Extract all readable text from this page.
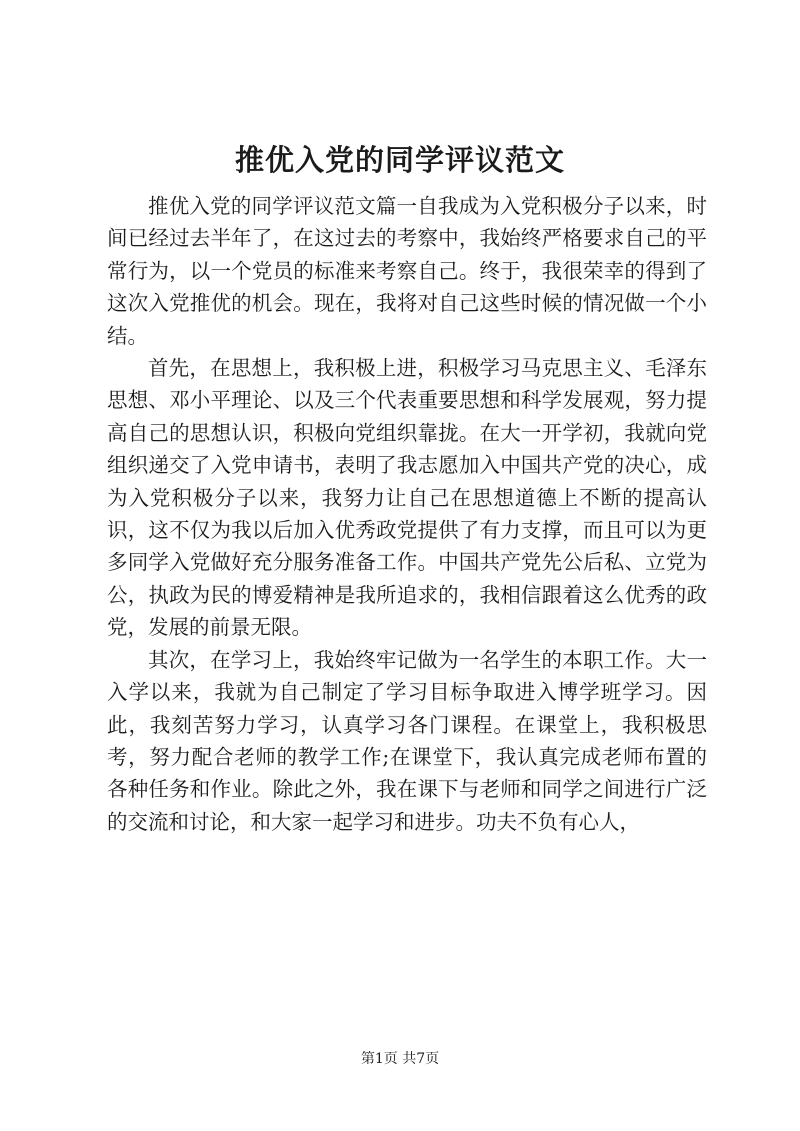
推优入党的同学评议范文

推优入党的同学评议范文篇一自我成为入党积极分子以来，时间已经过去半年了，在这过去的考察中，我始终严格要求自己的平常行为，以一个党员的标准来考察自己。终于，我很荣幸的得到了这次入党推优的机会。现在，我将对自己这些时候的情况做一个小结。

首先，在思想上，我积极上进，积极学习马克思主义、毛泽东思想、邓小平理论、以及三个代表重要思想和科学发展观，努力提高自己的思想认识，积极向党组织靠拢。在大一开学初，我就向党组织递交了入党申请书，表明了我志愿加入中国共产党的决心，成为入党积极分子以来，我努力让自己在思想道德上不断的提高认识，这不仅为我以后加入优秀政党提供了有力支撑，而且可以为更多同学入党做好充分服务准备工作。中国共产党先公后私、立党为公，执政为民的博爱精神是我所追求的，我相信跟着这么优秀的政党，发展的前景无限。

其次，在学习上，我始终牢记做为一名学生的本职工作。大一入学以来，我就为自己制定了学习目标争取进入博学班学习。因此，我刻苦努力学习，认真学习各门课程。在课堂上，我积极思考，努力配合老师的教学工作;在课堂下，我认真完成老师布置的各种任务和作业。除此之外，我在课下与老师和同学之间进行广泛的交流和讨论，和大家一起学习和进步。功夫不负有心人，

第1页 共7页
